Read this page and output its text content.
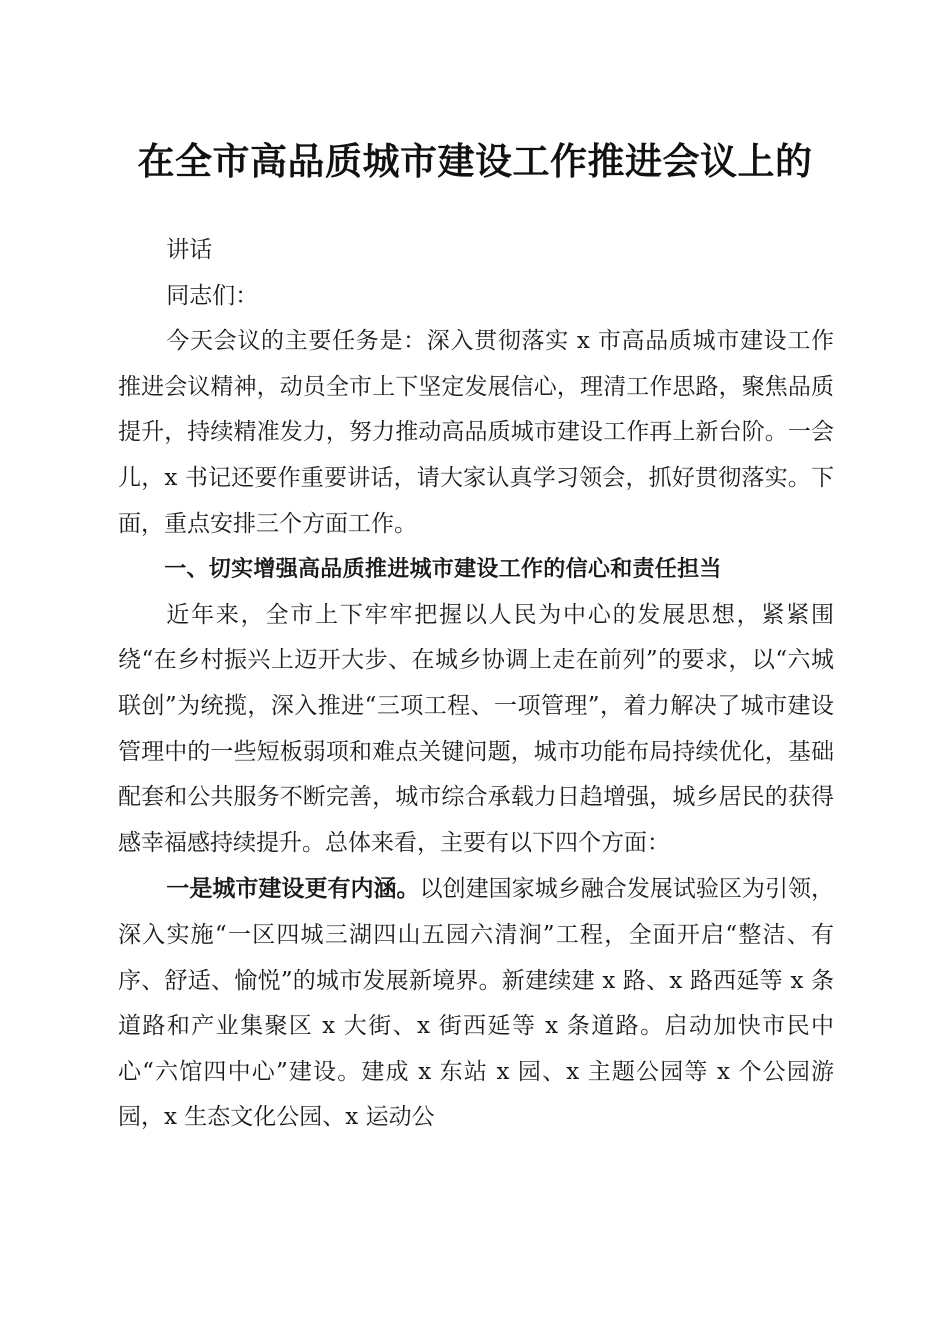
在全市高品质城市建设工作推进会议上的

讲话

同志们：

今天会议的主要任务是：深入贯彻落实 x 市高品质城市建设工作推进会议精神，动员全市上下坚定发展信心，理清工作思路，聚焦品质提升，持续精准发力，努力推动高品质城市建设工作再上新台阶。一会儿，x 书记还要作重要讲话，请大家认真学习领会，抓好贯彻落实。下面，重点安排三个方面工作。

一、切实增强高品质推进城市建设工作的信心和责任担当

近年来，全市上下牢牢把握以人民为中心的发展思想，紧紧围绕“在乡村振兴上迈开大步、在城乡协调上走在前列”的要求，以“六城联创”为统揽，深入推进“三项工程、一项管理”，着力解决了城市建设管理中的一些短板弱项和难点关键问题，城市功能布局持续优化，基础配套和公共服务不断完善，城市综合承载力日趋增强，城乡居民的获得感幸福感持续提升。总体来看，主要有以下四个方面：

一是城市建设更有内涵。以创建国家城乡融合发展试验区为引领，深入实施“一区四城三湖四山五园六清涧”工程，全面开启“整洁、有序、舒适、愉悦”的城市发展新境界。新建续建 x 路、x 路西延等 x 条道路和产业集聚区 x 大街、x 街西延等 x 条道路。启动加快市民中心“六馆四中心”建设。建成 x 东站 x 园、x 主题公园等 x 个公园游园，x 生态文化公园、x 运动公
